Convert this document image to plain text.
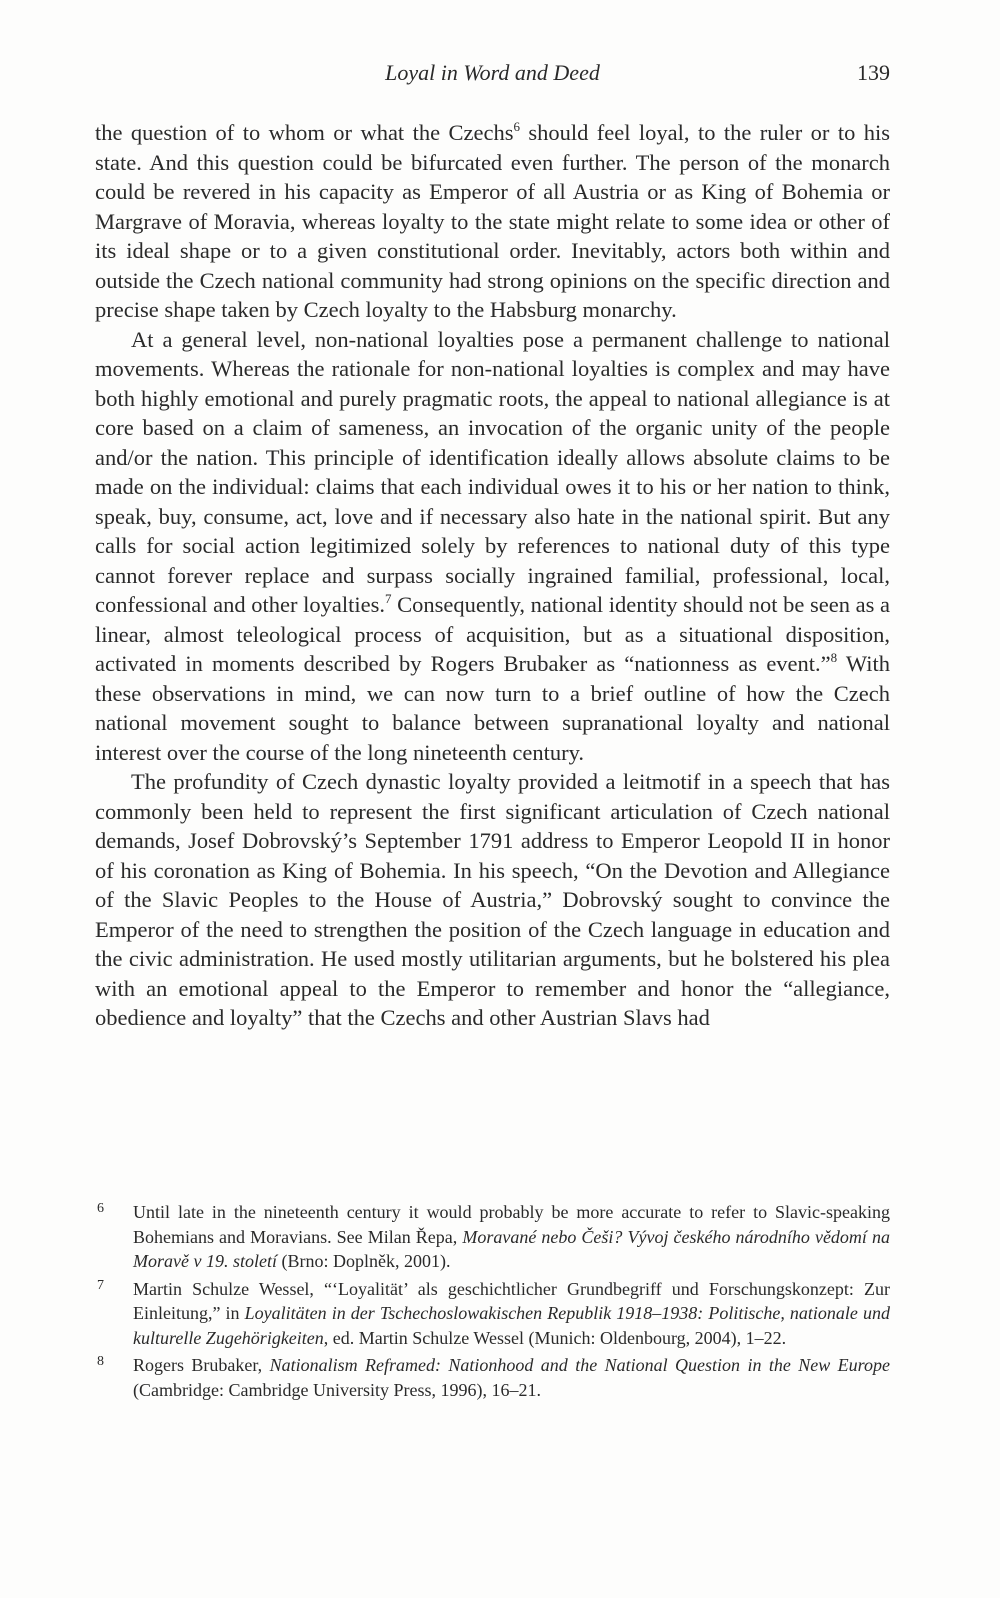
Loyal in Word and Deed	139

the question of to whom or what the Czechs$^6$ should feel loyal, to the ruler or to his state. And this question could be bifurcated even further. The person of the monarch could be revered in his capacity as Emperor of all Austria or as King of Bohemia or Margrave of Moravia, whereas loyalty to the state might relate to some idea or other of its ideal shape or to a given constitutional order. Inevitably, actors both within and outside the Czech national community had strong opinions on the specific direction and precise shape taken by Czech loyalty to the Habsburg monarchy.

At a general level, non-national loyalties pose a permanent challenge to national movements. Whereas the rationale for non-national loyalties is complex and may have both highly emotional and purely pragmatic roots, the appeal to national allegiance is at core based on a claim of sameness, an invocation of the organic unity of the people and/or the nation. This principle of identification ideally allows absolute claims to be made on the individual: claims that each individual owes it to his or her nation to think, speak, buy, consume, act, love and if necessary also hate in the national spirit. But any calls for social action legitimized solely by references to national duty of this type cannot forever replace and surpass socially ingrained familial, professional, local, confessional and other loyalties.$^7$ Consequently, national identity should not be seen as a linear, almost teleological process of acquisition, but as a situational disposition, activated in moments described by Rogers Brubaker as “nationness as event.”$^8$ With these observations in mind, we can now turn to a brief outline of how the Czech national movement sought to balance between supranational loyalty and national interest over the course of the long nineteenth century.

The profundity of Czech dynastic loyalty provided a leitmotif in a speech that has commonly been held to represent the first significant articulation of Czech national demands, Josef Dobrovský’s September 1791 address to Emperor Leopold II in honor of his coronation as King of Bohemia. In his speech, “On the Devotion and Allegiance of the Slavic Peoples to the House of Austria,” Dobrovský sought to convince the Emperor of the need to strengthen the position of the Czech language in education and the civic administration. He used mostly utilitarian arguments, but he bolstered his plea with an emotional appeal to the Emperor to remember and honor the “allegiance, obedience and loyalty” that the Czechs and other Austrian Slavs had

6 Until late in the nineteenth century it would probably be more accurate to refer to Slavic-speaking Bohemians and Moravians. See Milan Řepa, Moravané nebo Češi? Vývoj českého národního vědomí na Moravě v 19. století (Brno: Doplněk, 2001).
7 Martin Schulze Wessel, “‘Loyalität’ als geschichtlicher Grundbegriff und Forschungskonzept: Zur Einleitung,” in Loyalitäten in der Tschechoslowakischen Republik 1918–1938: Politische, nationale und kulturelle Zugehörigkeiten, ed. Martin Schulze Wessel (Munich: Oldenbourg, 2004), 1–22.
8 Rogers Brubaker, Nationalism Reframed: Nationhood and the National Question in the New Europe (Cambridge: Cambridge University Press, 1996), 16–21.
